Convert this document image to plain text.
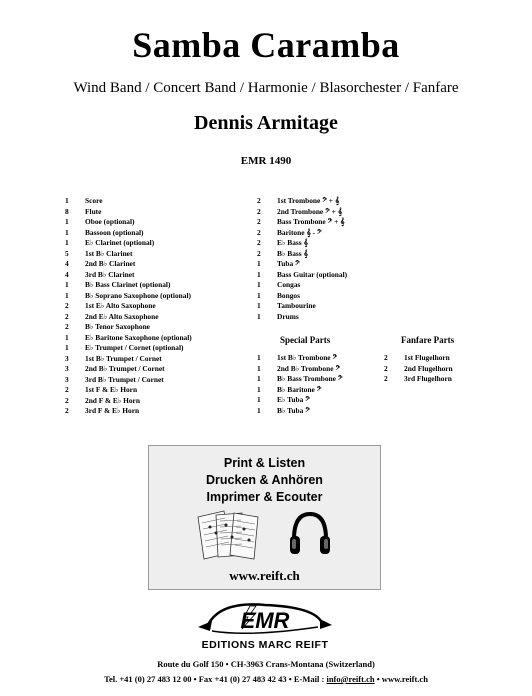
Samba Caramba
Wind Band / Concert Band / Harmonie / Blasorchester / Fanfare
Dennis Armitage
EMR 1490
1	Score
8	Flute
1	Oboe (optional)
1	Bassoon (optional)
1	E♭ Clarinet (optional)
5	1st B♭ Clarinet
4	2nd B♭ Clarinet
4	3rd B♭ Clarinet
1	B♭ Bass Clarinet (optional)
1	B♭ Soprano Saxophone (optional)
2	1st E♭ Alto Saxophone
2	2nd E♭ Alto Saxophone
2	B♭ Tenor Saxophone
1	E♭ Baritone Saxophone (optional)
1	E♭ Trumpet / Cornet (optional)
3	1st B♭ Trumpet / Cornet
3	2nd B♭ Trumpet / Cornet
3	3rd B♭ Trumpet / Cornet
2	1st F & E♭ Horn
2	2nd F & E♭ Horn
2	3rd F & E♭ Horn
2	1st Trombone 𝄢 + 𝄞
2	2nd Trombone 𝄢 + 𝄞
2	Bass Trombone 𝄢 + 𝄞
2	Baritone 𝄞 - 𝄢
2	E♭ Bass 𝄞
2	B♭ Bass 𝄞
1	Tuba 𝄢
1	Bass Guitar (optional)
1	Congas
1	Bongos
1	Tambourine
1	Drums
Special Parts	Fanfare Parts
1	1st B♭ Trombone 𝄢
1	2nd B♭ Trombone 𝄢
1	B♭ Bass Trombone 𝄢
1	B♭ Baritone 𝄢
1	E♭ Tuba 𝄢
1	B♭ Tuba 𝄢
2	1st Flugelhorn
2	2nd Flugelhorn
2	3rd Flugelhorn
Print & Listen
Drucken & Anhören
Imprimer & Ecouter
www.reift.ch
EMR
EDITIONS MARC REIFT
Route du Golf 150 • CH-3963 Crans-Montana (Switzerland)
Tel. +41 (0) 27 483 12 00 • Fax +41 (0) 27 483 42 43 • E-Mail : info@reift.ch • www.reift.ch
